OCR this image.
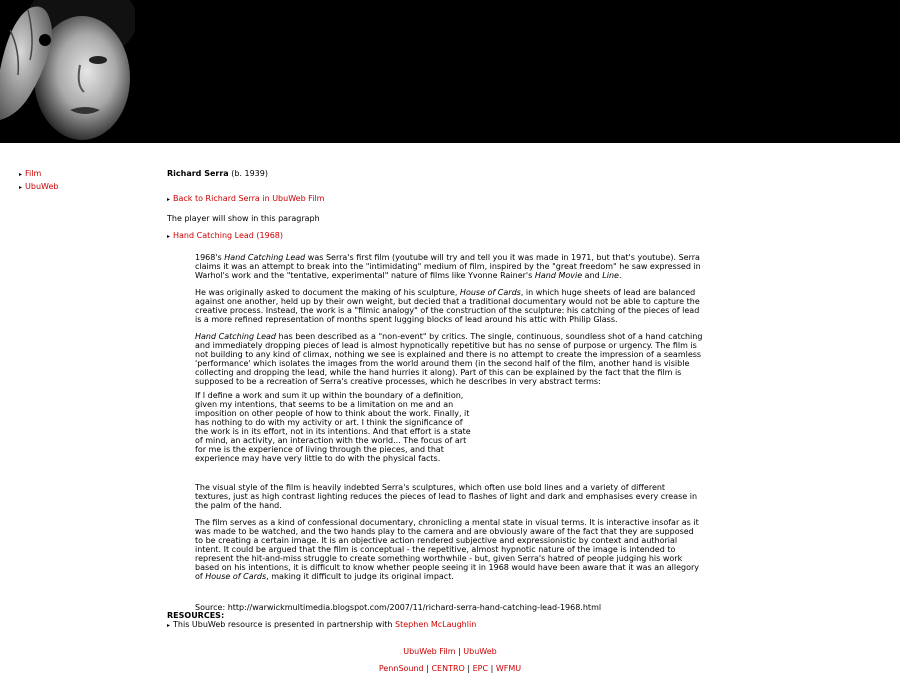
▸ Film
▸ UbuWeb
Richard Serra (b. 1939)
▸ Back to Richard Serra in UbuWeb Film

The player will show in this paragraph

▸ Hand Catching Lead (1968)

1968's Hand Catching Lead was Serra's first film (youtube will try and tell you it was made in 1971, but that's youtube). Serra claims it was an attempt to break into the "intimidating" medium of film, inspired by the "great freedom" he saw expressed in Warhol's work and the "tentative, experimental" nature of films like Yvonne Rainer's Hand Movie and Line.

He was originally asked to document the making of his sculpture, House of Cards, in which huge sheets of lead are balanced against one another, held up by their own weight, but decied that a traditional documentary would not be able to capture the creative process. Instead, the work is a "filmic analogy" of the construction of the sculpture: his catching of the pieces of lead is a more refined representation of months spent lugging blocks of lead around his attic with Philip Glass.

Hand Catching Lead has been described as a "non-event" by critics. The single, continuous, soundless shot of a hand catching and immediately dropping pieces of lead is almost hypnotically repetitive but has no sense of purpose or urgency. The film is not building to any kind of climax, nothing we see is explained and there is no attempt to create the impression of a seamless 'performance' which isolates the images from the world around them (in the second half of the film, another hand is visible collecting and dropping the lead, while the hand hurries it along). Part of this can be explained by the fact that the film is supposed to be a recreation of Serra's creative processes, which he describes in very abstract terms:

If I define a work and sum it up within the boundary of a definition, given my intentions, that seems to be a limitation on me and an imposition on other people of how to think about the work. Finally, it has nothing to do with my activity or art. I think the significance of the work is in its effort, not in its intentions. And that effort is a state of mind, an activity, an interaction with the world... The focus of art for me is the experience of living through the pieces, and that experience may have very little to do with the physical facts.

The visual style of the film is heavily indebted Serra's sculptures, which often use bold lines and a variety of different textures, just as high contrast lighting reduces the pieces of lead to flashes of light and dark and emphasises every crease in the palm of the hand.

The film serves as a kind of confessional documentary, chronicling a mental state in visual terms. It is interactive insofar as it was made to be watched, and the two hands play to the camera and are obviously aware of the fact that they are supposed to be creating a certain image. It is an objective action rendered subjective and expressionistic by context and authorial intent. It could be argued that the film is conceptual - the repetitive, almost hypnotic nature of the image is intended to represent the hit-and-miss struggle to create something worthwhile - but, given Serra's hatred of people judging his work based on his intentions, it is difficult to know whether people seeing it in 1968 would have been aware that it was an allegory of House of Cards, making it difficult to judge its original impact.

Source: http://warwickmultimedia.blogspot.com/2007/11/richard-serra-hand-catching-lead-1968.html

RESOURCES:
▸ This UbuWeb resource is presented in partnership with Stephen McLaughlin
UbuWeb Film | UbuWeb
PennSound | CENTRO | EPC | WFMU
